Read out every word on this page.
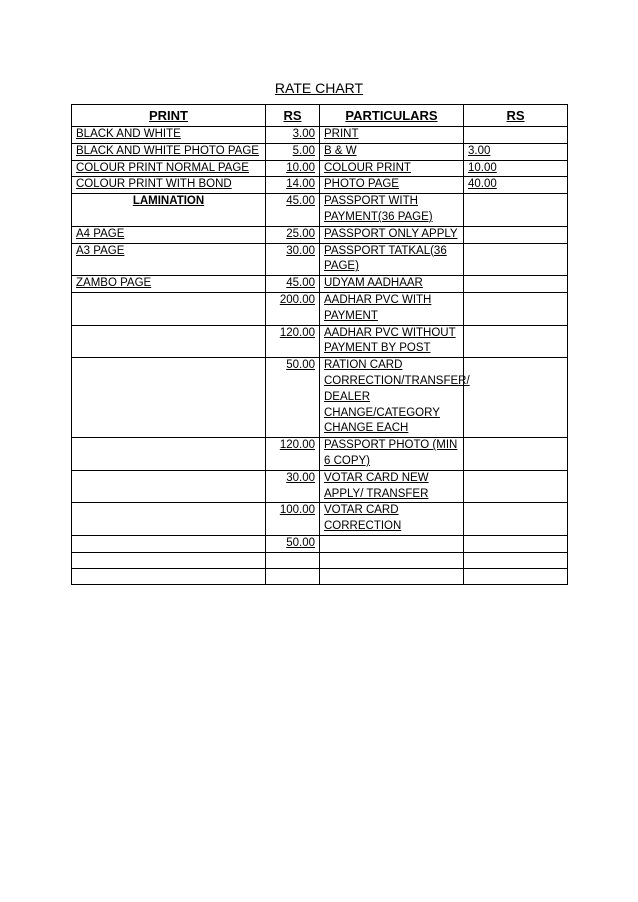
RATE CHART
PRINT	RS	PARTICULARS	RS
BLACK AND WHITE	3.00	PRINT	
BLACK AND WHITE PHOTO PAGE	5.00	B & W	3.00
COLOUR PRINT NORMAL PAGE	10.00	COLOUR PRINT	10.00
COLOUR PRINT WITH BOND	14.00	PHOTO PAGE	40.00
LAMINATION	45.00	PASSPORT WITH PAYMENT(36 PAGE)	
A4 PAGE	25.00	PASSPORT ONLY APPLY	
A3 PAGE	30.00	PASSPORT TATKAL(36 PAGE)	
ZAMBO PAGE	45.00	UDYAM AADHAAR	
	200.00	AADHAR PVC WITH PAYMENT	
	120.00	AADHAR PVC WITHOUT PAYMENT BY POST	
	50.00	RATION CARD CORRECTION/TRANSFER/ DEALER CHANGE/CATEGORY CHANGE EACH	
	120.00	PASSPORT PHOTO (MIN 6 COPY)	
	30.00	VOTAR CARD NEW APPLY/ TRANSFER	
	100.00	VOTAR CARD CORRECTION	
	50.00		
